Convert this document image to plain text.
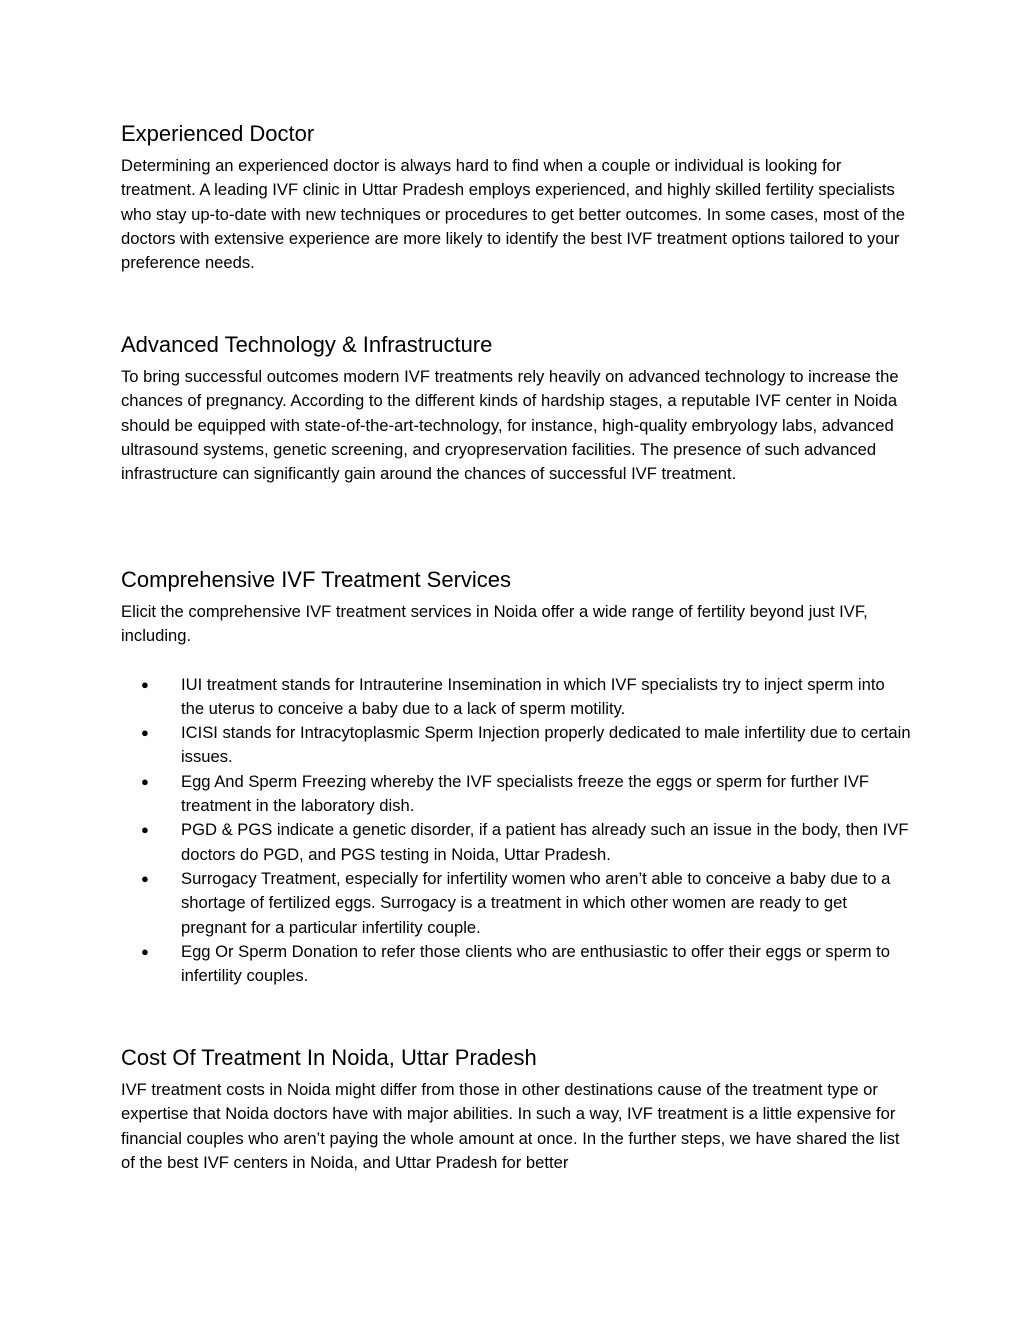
Experienced Doctor

Determining an experienced doctor is always hard to find when a couple or individual is looking for treatment. A leading IVF clinic in Uttar Pradesh employs experienced, and highly skilled fertility specialists who stay up-to-date with new techniques or procedures to get better outcomes. In some cases, most of the doctors with extensive experience are more likely to identify the best IVF treatment options tailored to your preference needs.

Advanced Technology & Infrastructure

To bring successful outcomes modern IVF treatments rely heavily on advanced technology to increase the chances of pregnancy. According to the different kinds of hardship stages, a reputable IVF center in Noida should be equipped with state-of-the-art-technology, for instance, high-quality embryology labs, advanced ultrasound systems, genetic screening, and cryopreservation facilities. The presence of such advanced infrastructure can significantly gain around the chances of successful IVF treatment.

Comprehensive IVF Treatment Services

Elicit the comprehensive IVF treatment services in Noida offer a wide range of fertility beyond just IVF, including.

● IUI treatment stands for Intrauterine Insemination in which IVF specialists try to inject sperm into the uterus to conceive a baby due to a lack of sperm motility.
● ICISI stands for Intracytoplasmic Sperm Injection properly dedicated to male infertility due to certain issues.
● Egg And Sperm Freezing whereby the IVF specialists freeze the eggs or sperm for further IVF treatment in the laboratory dish.
● PGD & PGS indicate a genetic disorder, if a patient has already such an issue in the body, then IVF doctors do PGD, and PGS testing in Noida, Uttar Pradesh.
● Surrogacy Treatment, especially for infertility women who aren’t able to conceive a baby due to a shortage of fertilized eggs. Surrogacy is a treatment in which other women are ready to get pregnant for a particular infertility couple.
● Egg Or Sperm Donation to refer those clients who are enthusiastic to offer their eggs or sperm to infertility couples.
Cost Of Treatment In Noida, Uttar Pradesh

IVF treatment costs in Noida might differ from those in other destinations cause of the treatment type or expertise that Noida doctors have with major abilities. In such a way, IVF treatment is a little expensive for financial couples who aren’t paying the whole amount at once. In the further steps, we have shared the list of the best IVF centers in Noida, and Uttar Pradesh for better
